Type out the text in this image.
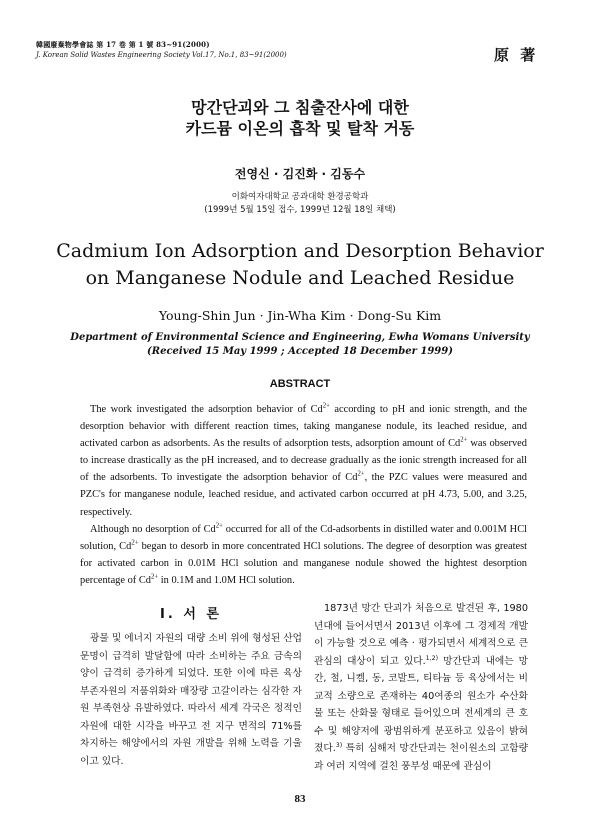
韓國廢棄物學會誌 第 17 卷 第 1 號 83~91(2000)
J. Korean Solid Wastes Engineering Society Vol.17, No.1, 83~91(2000)	原 著
망간단괴와 그 침출잔사에 대한
카드뮴 이온의 흡착 및 탈착 거동
전영신 · 김진화 · 김동수
이화여자대학교 공과대학 환경공학과
(1999년 5월 15일 접수, 1999년 12월 18일 채택)
Cadmium Ion Adsorption and Desorption Behavior
on Manganese Nodule and Leached Residue
Young-Shin Jun · Jin-Wha Kim · Dong-Su Kim
Department of Environmental Science and Engineering, Ewha Womans University
(Received 15 May 1999 ; Accepted 18 December 1999)
ABSTRACT

The work investigated the adsorption behavior of $Cd^{2+}$ according to pH and ionic strength, and the desorption behavior with different reaction times, taking manganese nodule, its leached residue, and activated carbon as adsorbents. As the results of adsorption tests, adsorption amount of $Cd^{2+}$ was observed to increase drastically as the pH increased, and to decrease gradually as the ionic strength increased for all of the adsorbents. To investigate the adsorption behavior of $Cd^{2+}$, the PZC values were measured and PZC's for manganese nodule, leached residue, and activated carbon occurred at pH 4.73, 5.00, and 3.25, respectively.

Although no desorption of $Cd^{2+}$ occurred for all of the Cd-adsorbents in distilled water and 0.001M HCl solution, $Cd^{2+}$ began to desorb in more concentrated HCl solutions. The degree of desorption was greatest for activated carbon in 0.01M HCl solution and manganese nodule showed the hightest desorption percentage of $Cd^{2+}$ in 0.1M and 1.0M HCl solution.

Ⅰ. 서 론

광물 및 에너지 자원의 대량 소비 위에 형성된 산업문명이 급격히 발달함에 따라 소비하는 주요 금속의 양이 급격히 증가하게 되었다. 또한 이에 따른 육상 부존자원의 저품위화와 매장량 고갈이라는 심각한 자원 부족현상 유발하였다. 따라서 세계 각국은 정적인 자원에 대한 시각을 바꾸고 전 지구 면적의 71%를 차지하는 해양에서의 자원 개발을 위해 노력을 기울이고 있다.

1873년 망간 단괴가 처음으로 발견된 후, 1980년대에 들어서면서 2013년 이후에 그 경제적 개발이 가능할 것으로 예측 · 평가되면서 세계적으로 큰 관심의 대상이 되고 있다.$^{1,2)}$ 망간단괴 내에는 망간, 철, 니켈, 동, 코발트, 티타늄 등 육상에서는 비교적 소량으로 존재하는 40여종의 원소가 수산화물 또는 산화물 형태로 들어있으며 전세계의 큰 호수 및 해양저에 광범위하게 분포하고 있음이 밝혀졌다.$^{3)}$ 특히 심해저 망간단괴는 천이원소의 고함량과 여러 지역에 걸친 풍부성 때문에 관심이

83
